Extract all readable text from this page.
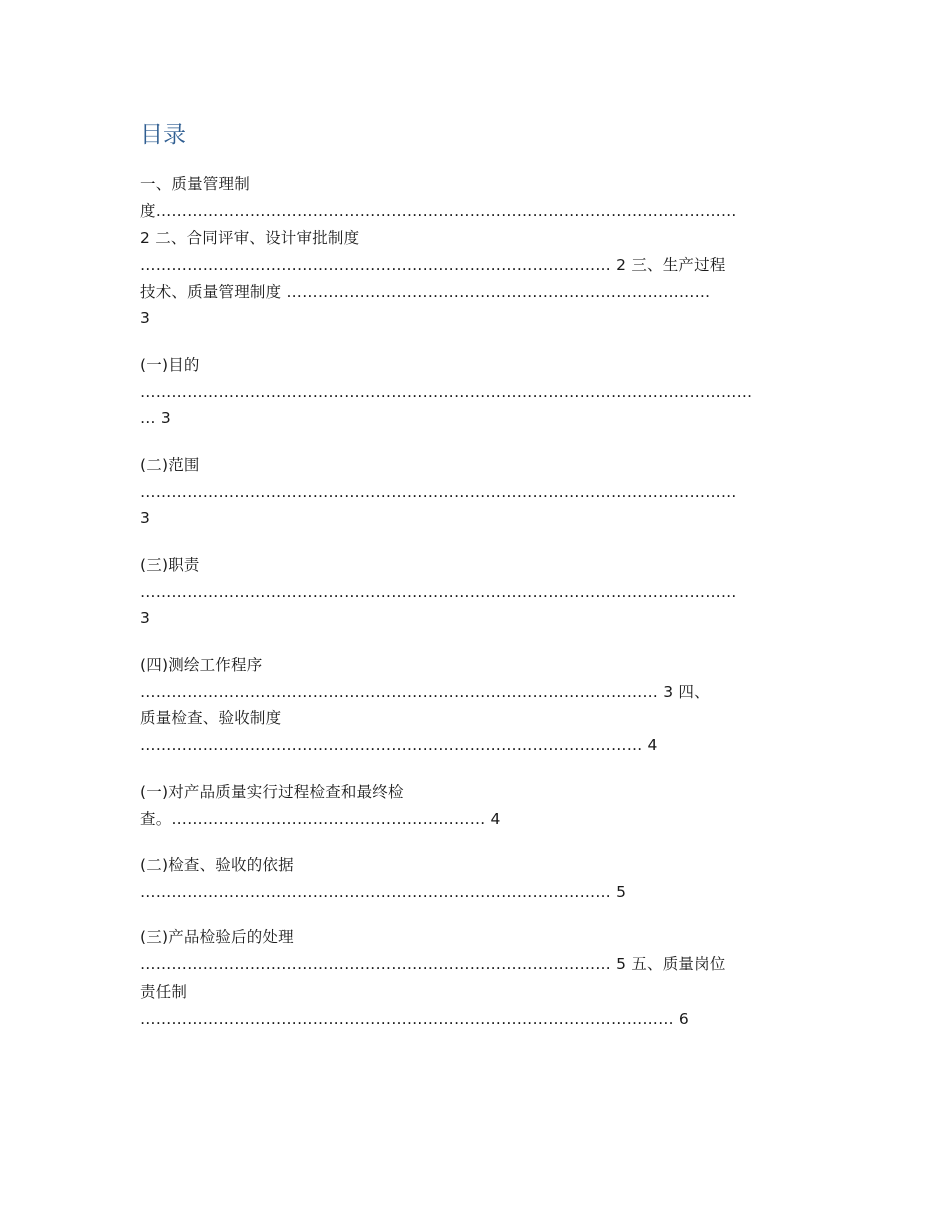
目录

一、质量管理制

度…………………………………………………………………………………………………

2 二、合同评审、设计审批制度

……………………………………………………………………………… 2 三、生产过程

技术、质量管理制度 ………………………………………………………………………

3

(一)目的

………………………………………………………………………………………………………

… 3

(二)范围

……………………………………………………………………………………………………

3

(三)职责

……………………………………………………………………………………………………

3

(四)测绘工作程序

……………………………………………………………………………………… 3 四、

质量检查、验收制度

…………………………………………………………………………………… 4

(一)对产品质量实行过程检查和最终检

查。…………………………………………………… 4

(二)检查、验收的依据

……………………………………………………………………………… 5

(三)产品检验后的处理

……………………………………………………………………………… 5 五、质量岗位

责任制

………………………………………………………………………………………… 6
